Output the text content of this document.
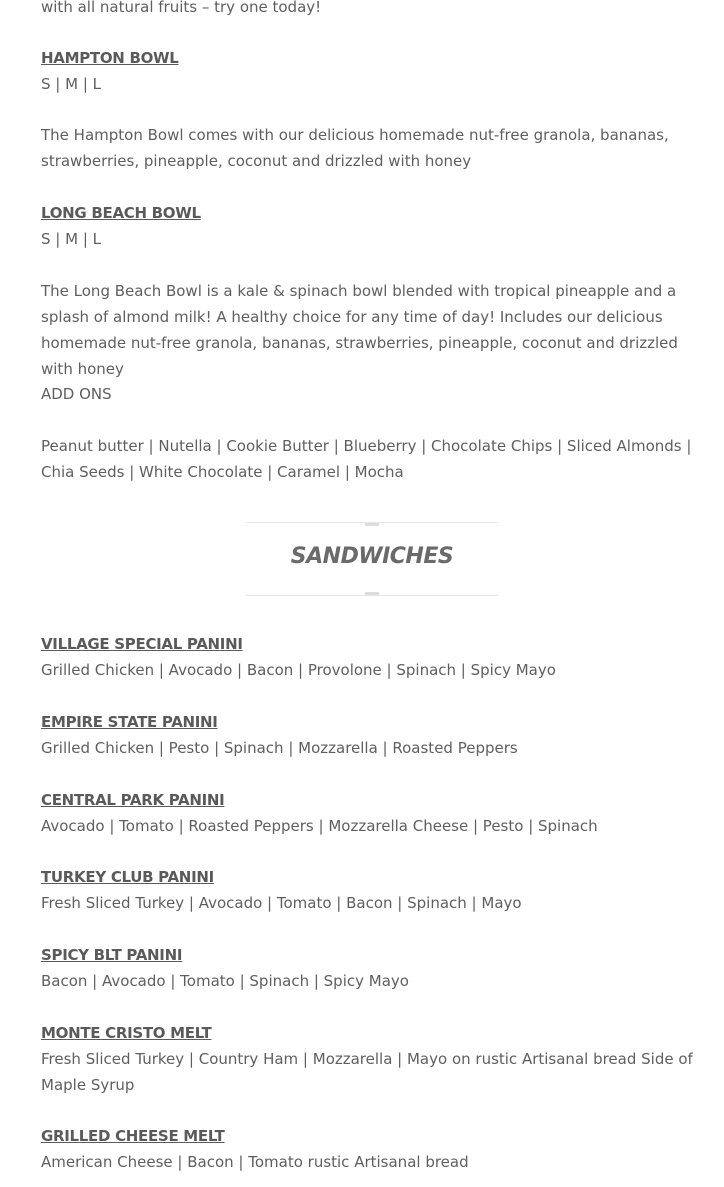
with all natural fruits – try one today!
HAMPTON BOWL
S | M | L
The Hampton Bowl comes with our delicious homemade nut-free granola, bananas, strawberries, pineapple, coconut and drizzled with honey
LONG BEACH BOWL
S | M | L
The Long Beach Bowl is a kale & spinach bowl blended with tropical pineapple and a splash of almond milk! A healthy choice for any time of day! Includes our delicious homemade nut-free granola, bananas, strawberries, pineapple, coconut and drizzled with honey
ADD ONS
Peanut butter | Nutella | Cookie Butter | Blueberry | Chocolate Chips | Sliced Almonds | Chia Seeds | White Chocolate | Caramel | Mocha
VILLAGE SPECIAL PANINI
Grilled Chicken | Avocado | Bacon | Provolone | Spinach | Spicy Mayo
EMPIRE STATE PANINI
Grilled Chicken | Pesto | Spinach | Mozzarella | Roasted Peppers
CENTRAL PARK PANINI
Avocado | Tomato | Roasted Peppers | Mozzarella Cheese | Pesto | Spinach
TURKEY CLUB PANINI
Fresh Sliced Turkey | Avocado | Tomato | Bacon | Spinach | Mayo
SPICY BLT PANINI
Bacon | Avocado | Tomato | Spinach | Spicy Mayo
MONTE CRISTO MELT
Fresh Sliced Turkey | Country Ham | Mozzarella | Mayo on rustic Artisanal bread Side of Maple Syrup
GRILLED CHEESE MELT
American Cheese | Bacon | Tomato rustic Artisanal bread
SANDWICHES
